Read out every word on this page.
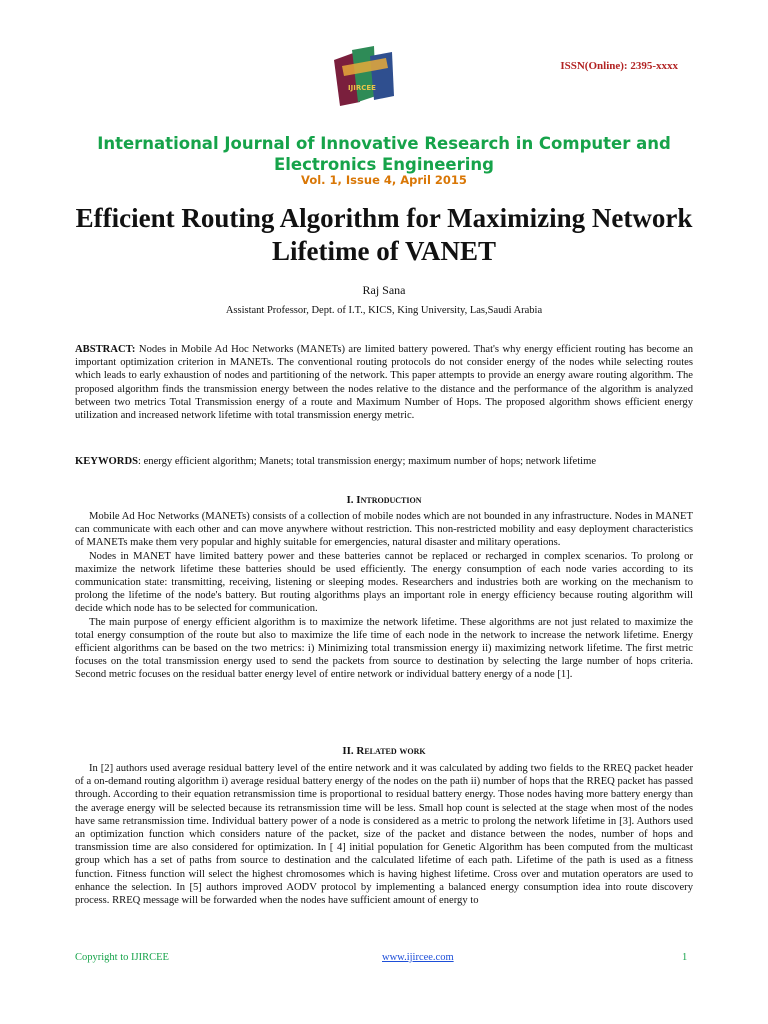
IJIRCEE
ISSN(Online): 2395-xxxx
International Journal of Innovative Research in Computer and Electronics Engineering
Vol. 1, Issue 4, April 2015
Efficient Routing Algorithm for Maximizing Network Lifetime of VANET
Raj Sana
Assistant Professor, Dept. of I.T., KICS, King University, Las,Saudi Arabia
ABSTRACT: Nodes in Mobile Ad Hoc Networks (MANETs) are limited battery powered. That's why energy efficient routing has become an important optimization criterion in MANETs. The conventional routing protocols do not consider energy of the nodes while selecting routes which leads to early exhaustion of nodes and partitioning of the network. This paper attempts to provide an energy aware routing algorithm. The proposed algorithm finds the transmission energy between the nodes relative to the distance and the performance of the algorithm is analyzed between two metrics Total Transmission energy of a route and Maximum Number of Hops. The proposed algorithm shows efficient energy utilization and increased network lifetime with total transmission energy metric.
KEYWORDS: energy efficient algorithm; Manets; total transmission energy; maximum number of hops; network lifetime
I. Introduction

Mobile Ad Hoc Networks (MANETs) consists of a collection of mobile nodes which are not bounded in any infrastructure. Nodes in MANET can communicate with each other and can move anywhere without restriction. This non-restricted mobility and easy deployment characteristics of MANETs make them very popular and highly suitable for emergencies, natural disaster and military operations.

Nodes in MANET have limited battery power and these batteries cannot be replaced or recharged in complex scenarios. To prolong or maximize the network lifetime these batteries should be used efficiently. The energy consumption of each node varies according to its communication state: transmitting, receiving, listening or sleeping modes. Researchers and industries both are working on the mechanism to prolong the lifetime of the node's battery. But routing algorithms plays an important role in energy efficiency because routing algorithm will decide which node has to be selected for communication.

The main purpose of energy efficient algorithm is to maximize the network lifetime. These algorithms are not just related to maximize the total energy consumption of the route but also to maximize the life time of each node in the network to increase the network lifetime. Energy efficient algorithms can be based on the two metrics: i) Minimizing total transmission energy ii) maximizing network lifetime. The first metric focuses on the total transmission energy used to send the packets from source to destination by selecting the large number of hops criteria. Second metric focuses on the residual batter energy level of entire network or individual battery energy of a node [1].

II. Related work

In [2] authors used average residual battery level of the entire network and it was calculated by adding two fields to the RREQ packet header of a on-demand routing algorithm i) average residual battery energy of the nodes on the path ii) number of hops that the RREQ packet has passed through. According to their equation retransmission time is proportional to residual battery energy. Those nodes having more battery energy than the average energy will be selected because its retransmission time will be less. Small hop count is selected at the stage when most of the nodes have same retransmission time. Individual battery power of a node is considered as a metric to prolong the network lifetime in [3]. Authors used an optimization function which considers nature of the packet, size of the packet and distance between the nodes, number of hops and transmission time are also considered for optimization. In [ 4] initial population for Genetic Algorithm has been computed from the multicast group which has a set of paths from source to destination and the calculated lifetime of each path. Lifetime of the path is used as a fitness function. Fitness function will select the highest chromosomes which is having highest lifetime. Cross over and mutation operators are used to enhance the selection. In [5] authors improved AODV protocol by implementing a balanced energy consumption idea into route discovery process. RREQ message will be forwarded when the nodes have sufficient amount of energy to

Copyright to IJIRCEE	www.ijircee.com	1
